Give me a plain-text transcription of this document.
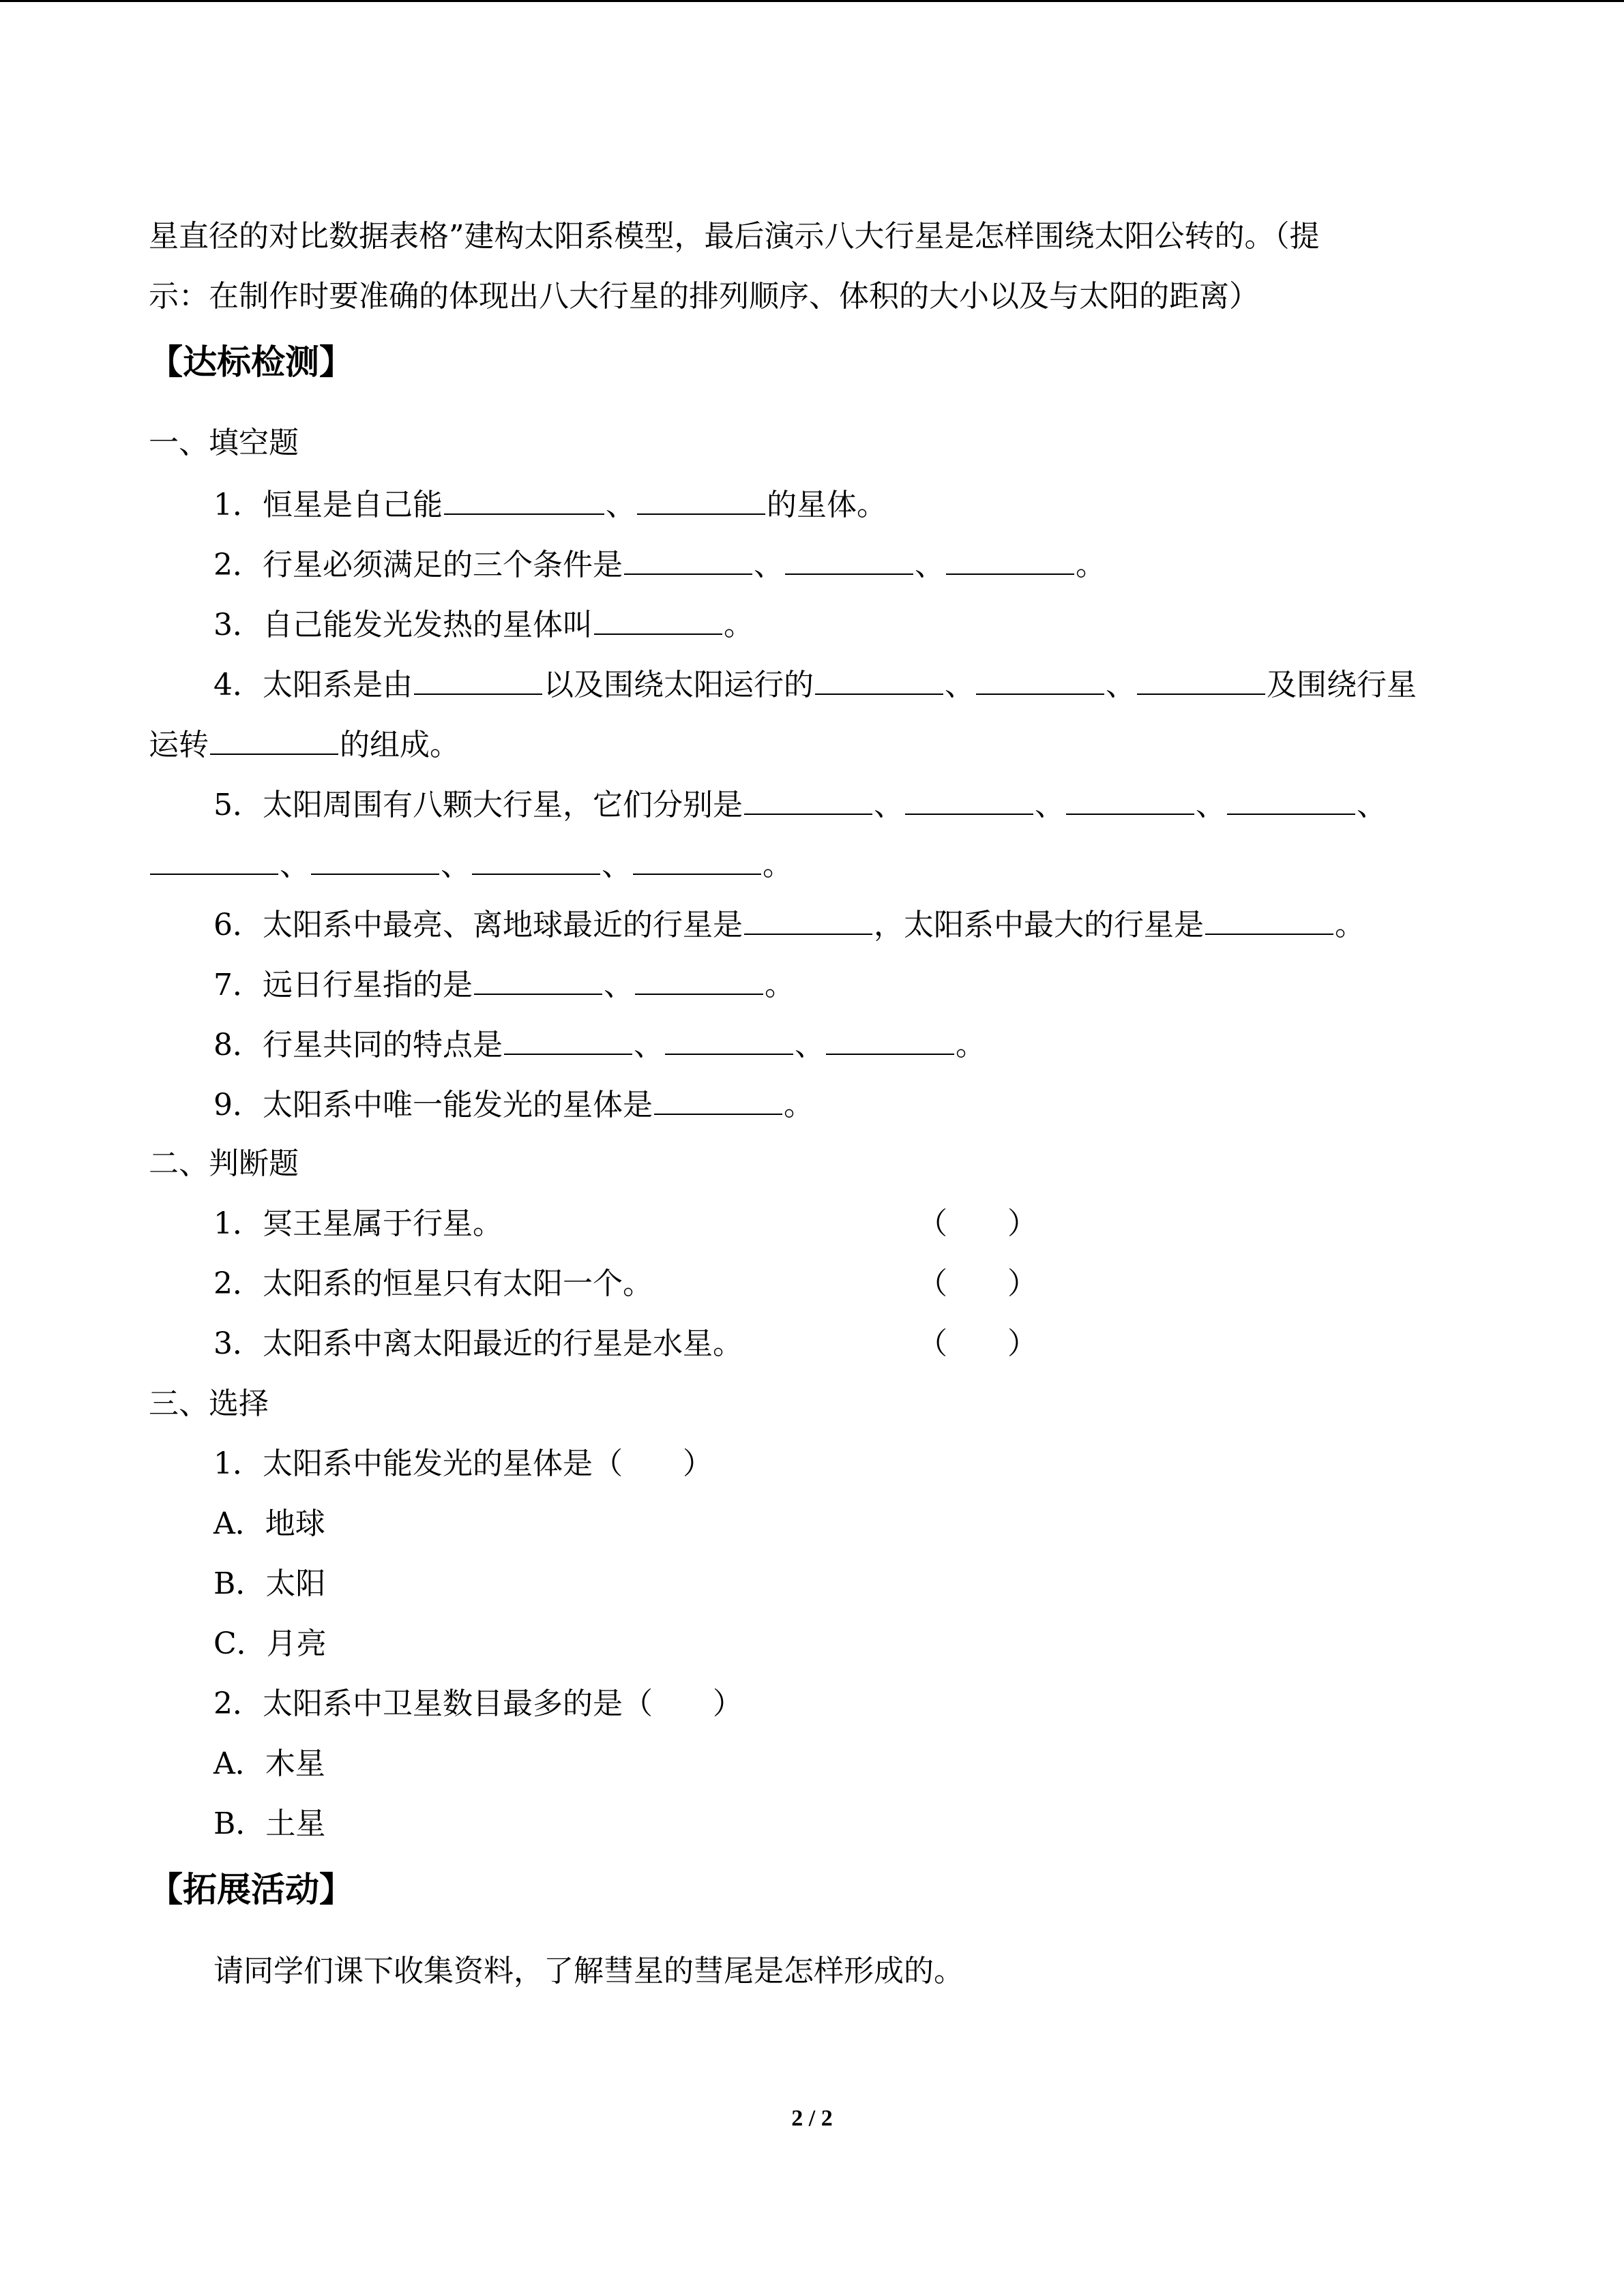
星直径的对比数据表格”建构太阳系模型，最后演示八大行星是怎样围绕太阳公转的。（提
示：在制作时要准确的体现出八大行星的排列顺序、体积的大小以及与太阳的距离）
【达标检测】
一、填空题
1．恒星是自己能	、	的星体。
2．行星必须满足的三个条件是	、	、	。
3．自己能发光发热的星体叫	。
4．太阳系是由	以及围绕太阳运行的	、	、	及围绕行星
运转	的组成。
5．太阳周围有八颗大行星，它们分别是	、	、	、	、
、	、	、	。
6．太阳系中最亮、离地球最近的行星是	，太阳系中最大的行星是	。
7．远日行星指的是	、	。
8．行星共同的特点是	、	、	。
9．太阳系中唯一能发光的星体是	。
二、判断题
1．冥王星属于行星。	（　　）
2．太阳系的恒星只有太阳一个。	（　　）
3．太阳系中离太阳最近的行星是水星。	（　　）
三、选择
1．太阳系中能发光的星体是（　　）
A．地球
B．太阳
C．月亮
2．太阳系中卫星数目最多的是（　　）
A．木星
B．土星
【拓展活动】
请同学们课下收集资料，了解彗星的彗尾是怎样形成的。
2 / 2
